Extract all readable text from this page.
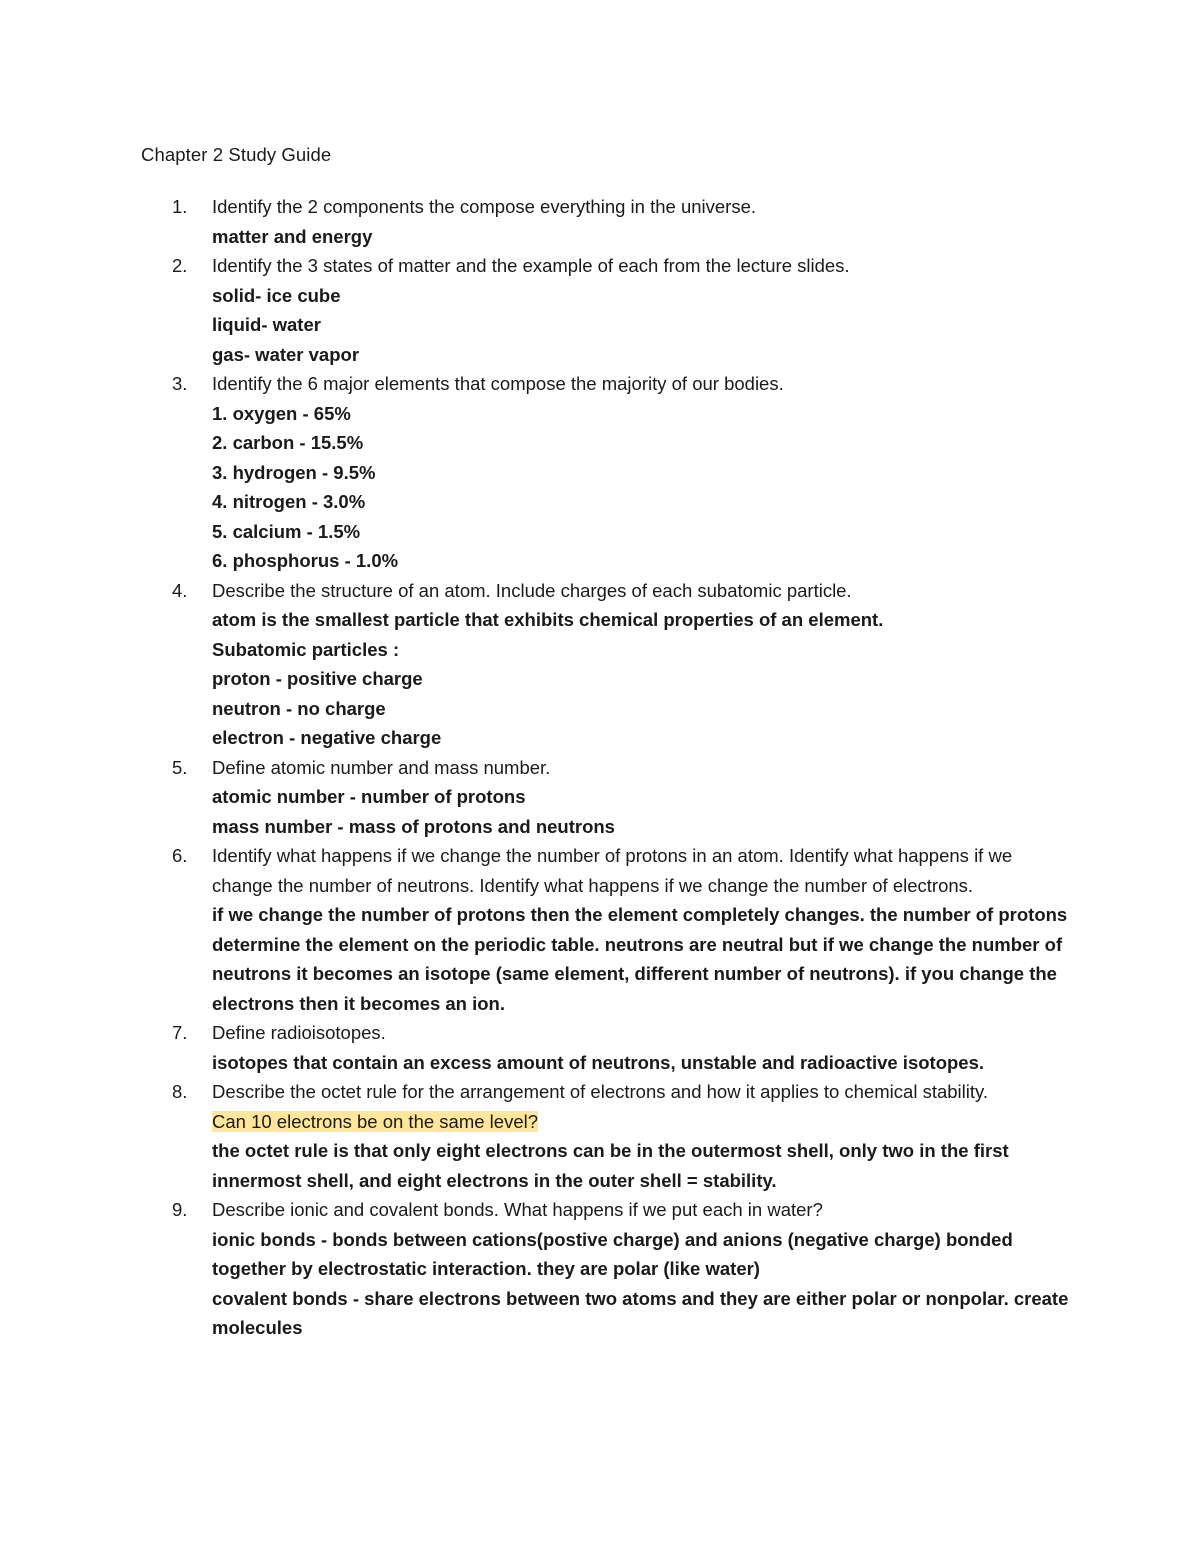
Chapter 2 Study Guide
1. Identify the 2 components the compose everything in the universe.
matter and energy
2. Identify the 3 states of matter and the example of each from the lecture slides.
solid- ice cube
liquid- water
gas- water vapor
3. Identify the 6 major elements that compose the majority of our bodies.
1. oxygen - 65%
2. carbon - 15.5%
3. hydrogen - 9.5%
4. nitrogen - 3.0%
5. calcium - 1.5%
6. phosphorus - 1.0%
4. Describe the structure of an atom. Include charges of each subatomic particle.
atom is the smallest particle that exhibits chemical properties of an element.
Subatomic particles :
proton - positive charge
neutron - no charge
electron - negative charge
5. Define atomic number and mass number.
atomic number - number of protons
mass number - mass of protons and neutrons
6. Identify what happens if we change the number of protons in an atom. Identify what happens if we change the number of neutrons. Identify what happens if we change the number of electrons.
if we change the number of protons then the element completely changes. the number of protons determine the element on the periodic table. neutrons are neutral but if we change the number of neutrons it becomes an isotope (same element, different number of neutrons). if you change the electrons then it becomes an ion.
7. Define radioisotopes.
isotopes that contain an excess amount of neutrons, unstable and radioactive isotopes.
8. Describe the octet rule for the arrangement of electrons and how it applies to chemical stability.
Can 10 electrons be on the same level?
the octet rule is that only eight electrons can be in the outermost shell, only two in the first innermost shell, and eight electrons in the outer shell = stability.
9. Describe ionic and covalent bonds. What happens if we put each in water?
ionic bonds - bonds between cations(postive charge) and anions (negative charge) bonded together by electrostatic interaction. they are polar (like water)
covalent bonds - share electrons between two atoms and they are either polar or nonpolar. create molecules
